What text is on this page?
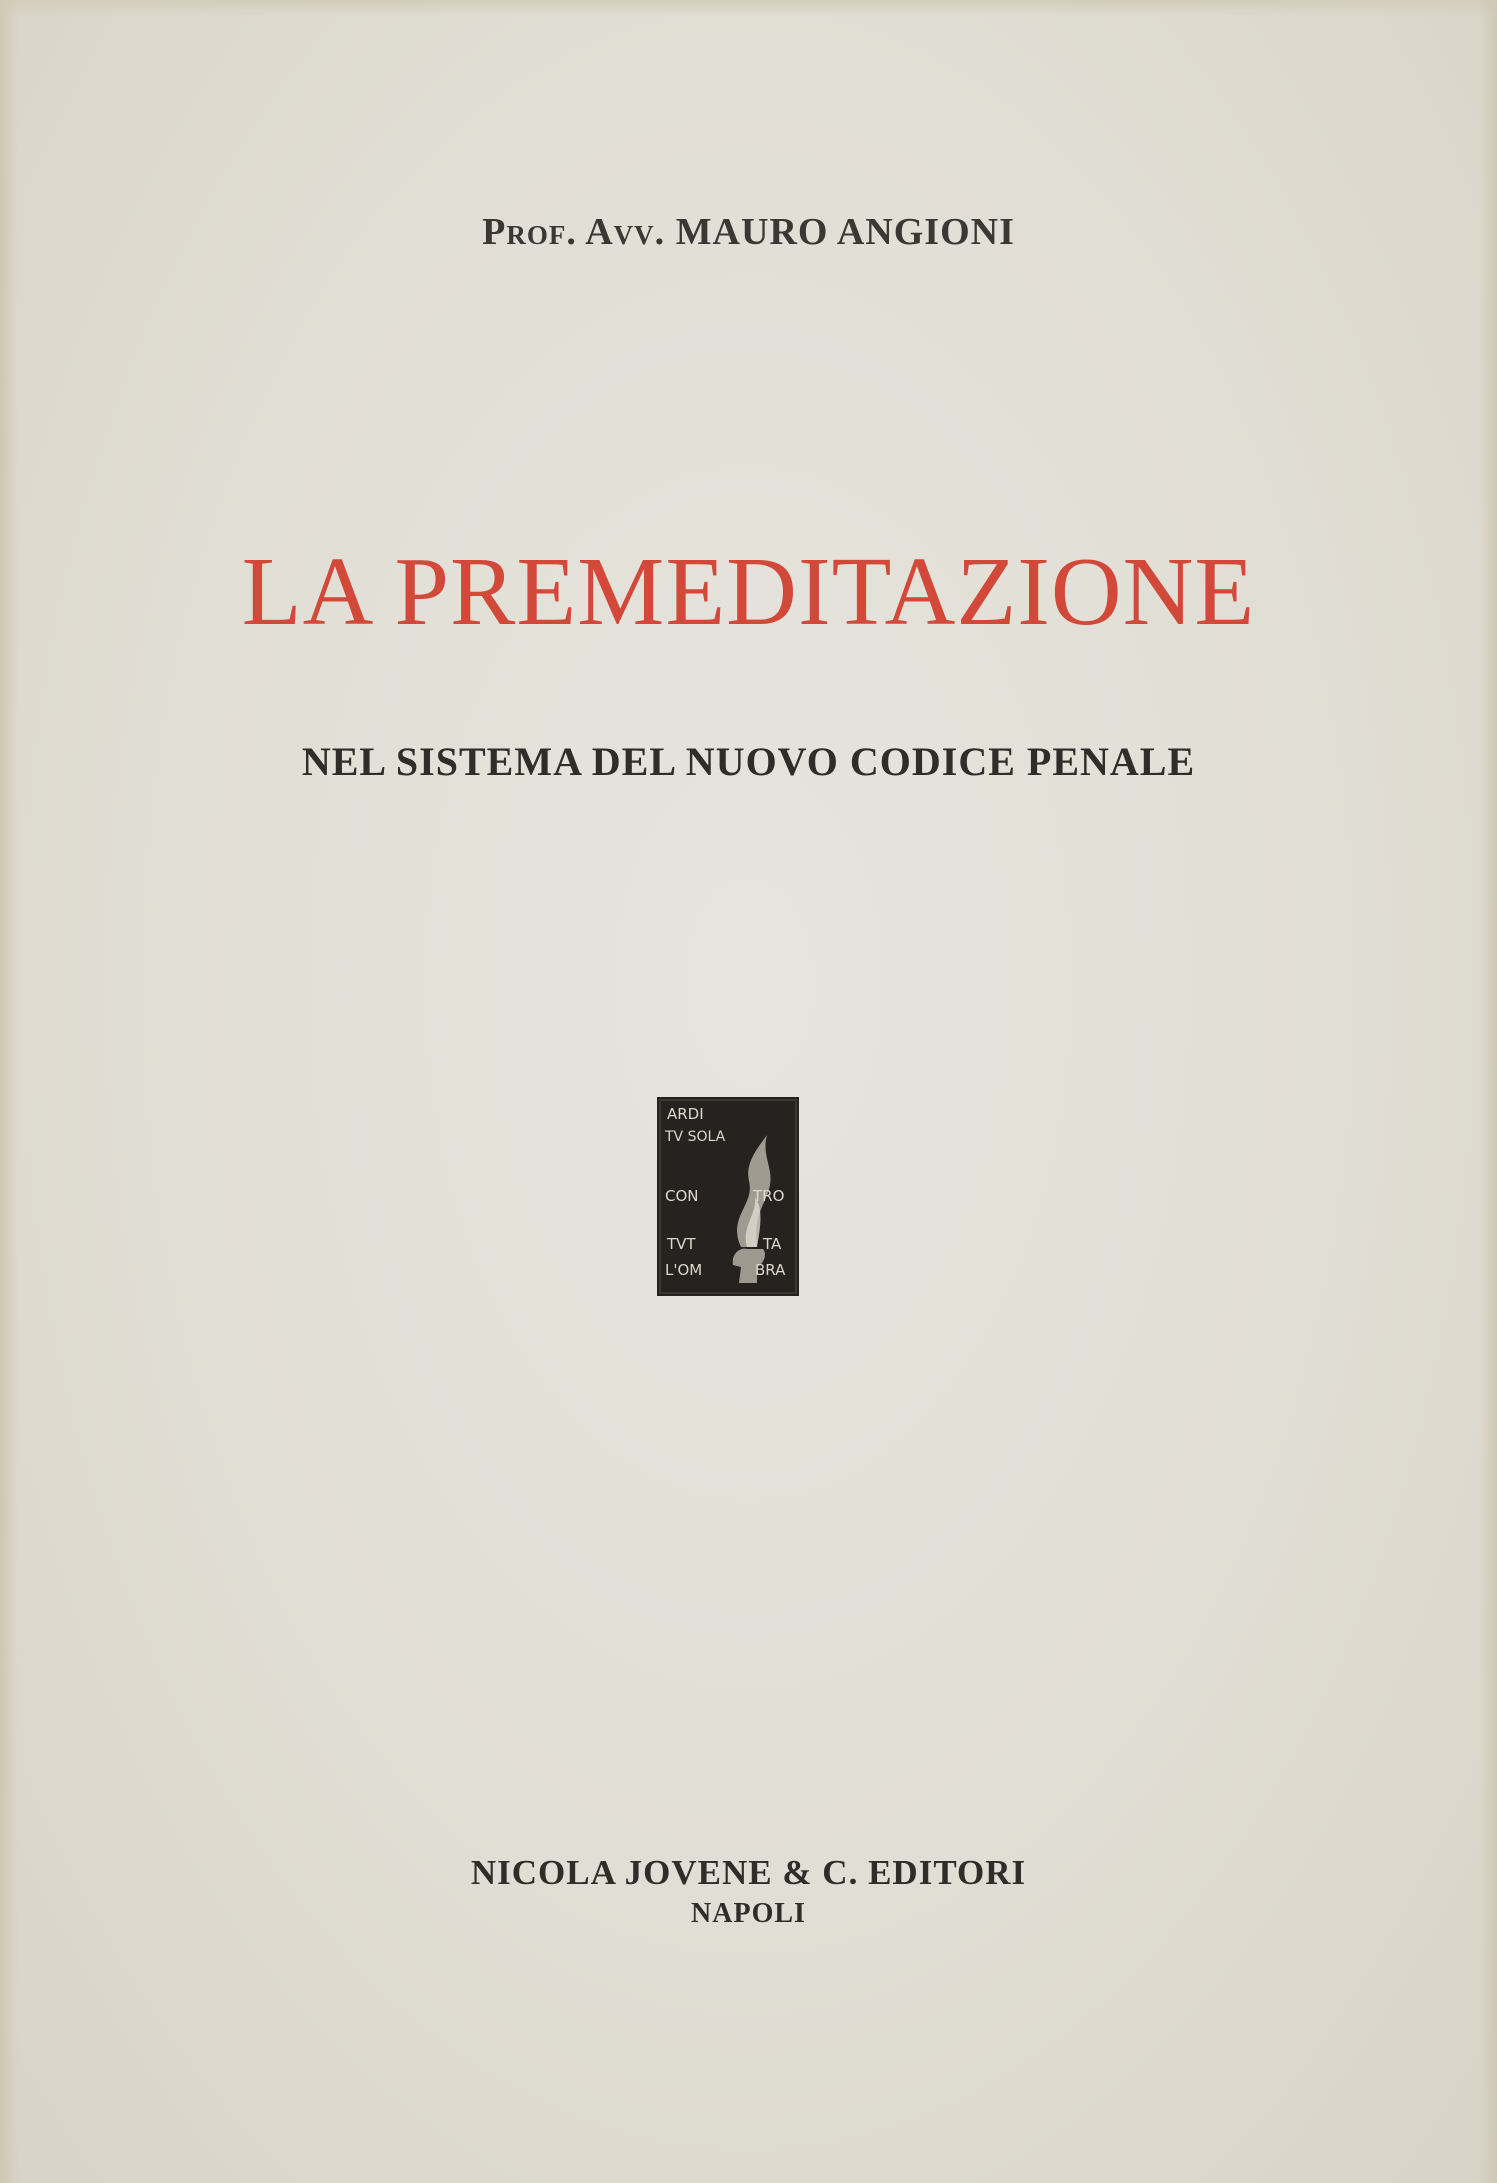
Prof. Avv. MAURO ANGIONI
LA PREMEDITAZIONE
NEL SISTEMA DEL NUOVO CODICE PENALE
ARDI
TV SOLA
CON	TRO
TVT	TA
L'OM	BRA
NICOLA JOVENE & C. EDITORI
NAPOLI
